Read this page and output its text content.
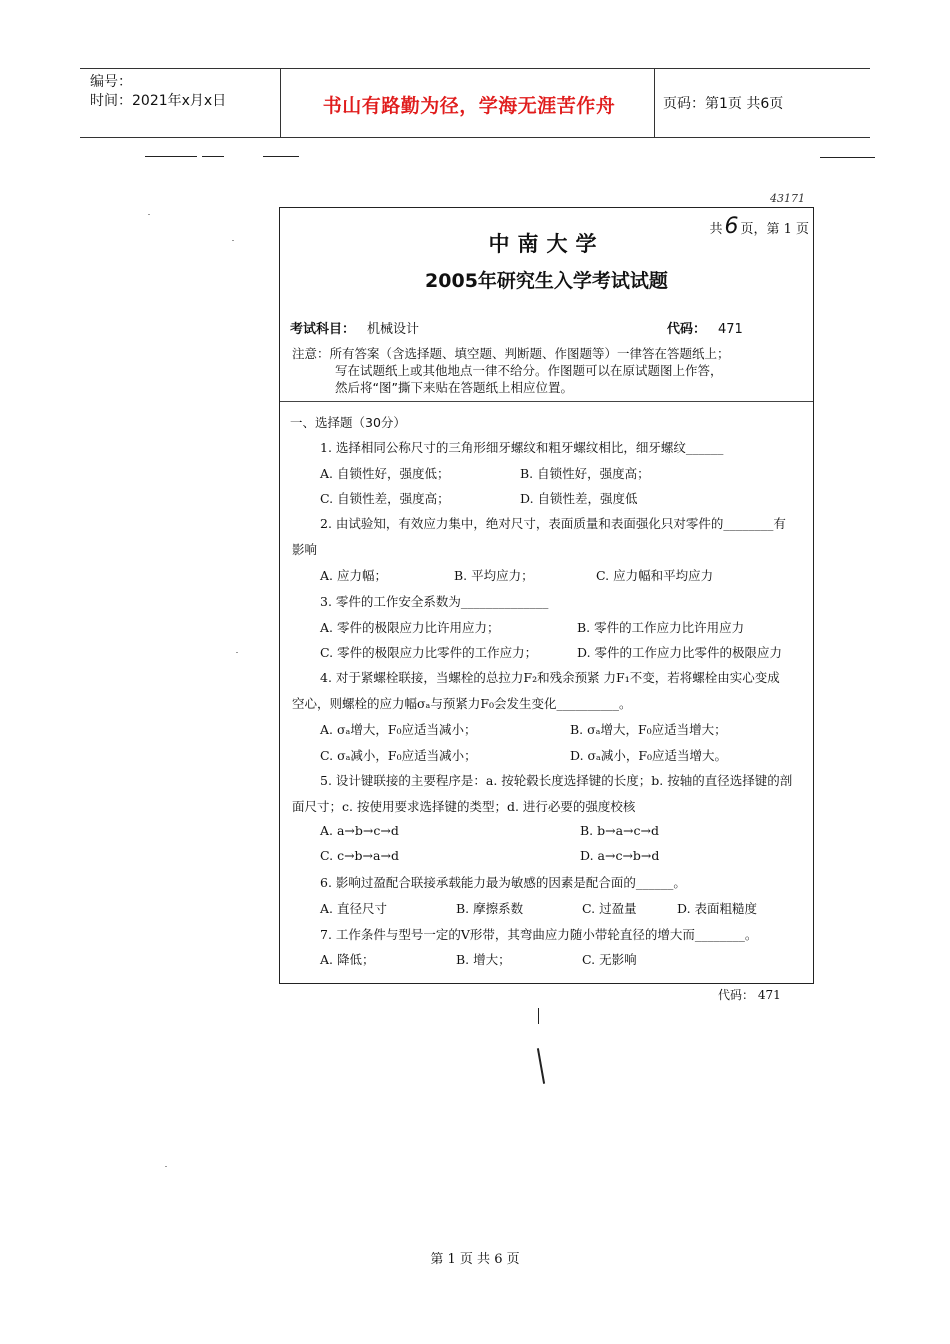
编号：
时间：2021年x月x日	书山有路勤为径，学海无涯苦作舟	页码：第1页 共6页
43171
共6 页，第 1 页
中南大学
2005年研究生入学考试试题
考试科目： 机械设计	代码： 471
注意：所有答案（含选择题、填空题、判断题、作图题等）一律答在答题纸上；
写在试题纸上或其他地点一律不给分。作图题可以在原试题图上作答，
然后将“图”撕下来贴在答题纸上相应位置。
一、选择题（30分）
1. 选择相同公称尺寸的三角形细牙螺纹和粗牙螺纹相比，细牙螺纹______
A. 自锁性好，强度低；	B. 自锁性好，强度高；
C. 自锁性差，强度高；	D. 自锁性差，强度低
2. 由试验知，有效应力集中，绝对尺寸，表面质量和表面强化只对零件的________有
影响
A. 应力幅；	B. 平均应力；	C. 应力幅和平均应力
3. 零件的工作安全系数为______________
A. 零件的极限应力比许用应力；	B. 零件的工作应力比许用应力
C. 零件的极限应力比零件的工作应力；	D. 零件的工作应力比零件的极限应力
4. 对于紧螺栓联接，当螺栓的总拉力F₂和残余预紧 力F₁不变，若将螺栓由实心变成
空心，则螺栓的应力幅σₐ与预紧力F₀会发生变化__________。
A. σₐ增大，F₀应适当减小；	B. σₐ增大，F₀应适当增大；
C. σₐ减小，F₀应适当减小；	D. σₐ减小，F₀应适当增大。
5. 设计键联接的主要程序是：a. 按轮毂长度选择键的长度；b. 按轴的直径选择键的剖
面尺寸；c. 按使用要求选择键的类型；d. 进行必要的强度校核
A. a→b→c→d	B. b→a→c→d
C. c→b→a→d	D. a→c→b→d
6. 影响过盈配合联接承载能力最为敏感的因素是配合面的______。
A. 直径尺寸	B. 摩擦系数	C. 过盈量	D. 表面粗糙度
7. 工作条件与型号一定的V形带，其弯曲应力随小带轮直径的增大而________。
A. 降低；	B. 增大；	C. 无影响
代码： 471
第 1 页 共 6 页
